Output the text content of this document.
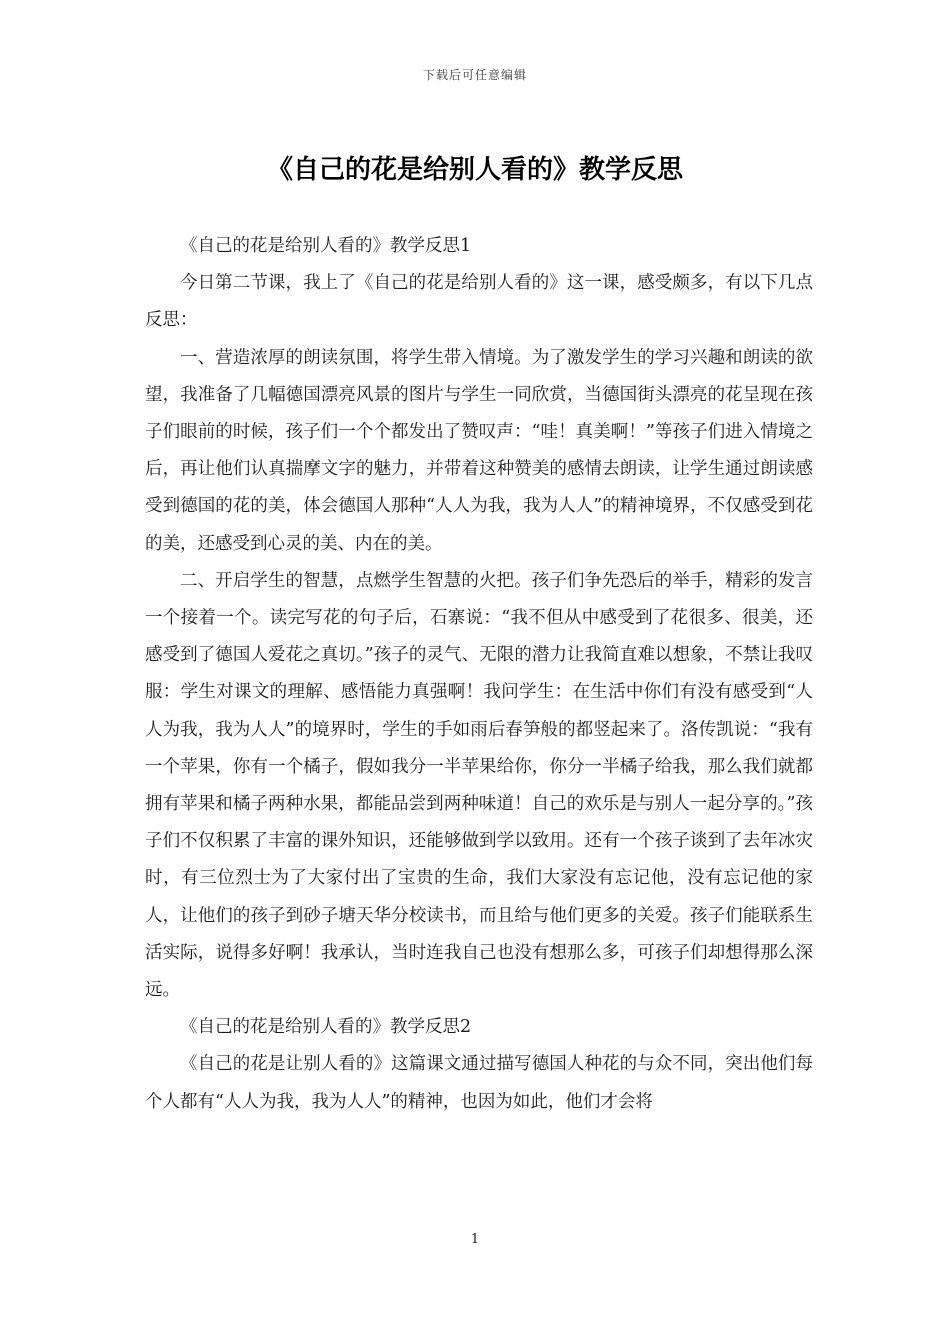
下载后可任意编辑
《自己的花是给别人看的》教学反思

《自己的花是给别人看的》教学反思1

今日第二节课，我上了《自己的花是给别人看的》这一课，感受颇多，有以下几点反思：

一、营造浓厚的朗读氛围，将学生带入情境。为了激发学生的学习兴趣和朗读的欲望，我准备了几幅德国漂亮风景的图片与学生一同欣赏，当德国街头漂亮的花呈现在孩子们眼前的时候，孩子们一个个都发出了赞叹声：“哇！真美啊！”等孩子们进入情境之后，再让他们认真揣摩文字的魅力，并带着这种赞美的感情去朗读，让学生通过朗读感受到德国的花的美，体会德国人那种“人人为我，我为人人”的精神境界，不仅感受到花的美，还感受到心灵的美、内在的美。

二、开启学生的智慧，点燃学生智慧的火把。孩子们争先恐后的举手，精彩的发言一个接着一个。读完写花的句子后，石寨说：“我不但从中感受到了花很多、很美，还感受到了德国人爱花之真切。”孩子的灵气、无限的潜力让我简直难以想象，不禁让我叹服：学生对课文的理解、感悟能力真强啊！我问学生：在生活中你们有没有感受到“人人为我，我为人人”的境界时，学生的手如雨后春笋般的都竖起来了。洛传凯说：“我有一个苹果，你有一个橘子，假如我分一半苹果给你，你分一半橘子给我，那么我们就都拥有苹果和橘子两种水果，都能品尝到两种味道！自己的欢乐是与别人一起分享的。”孩子们不仅积累了丰富的课外知识，还能够做到学以致用。还有一个孩子谈到了去年冰灾时，有三位烈士为了大家付出了宝贵的生命，我们大家没有忘记他，没有忘记他的家人，让他们的孩子到砂子塘天华分校读书，而且给与他们更多的关爱。孩子们能联系生活实际，说得多好啊！我承认，当时连我自己也没有想那么多，可孩子们却想得那么深远。

《自己的花是给别人看的》教学反思2

《自己的花是让别人看的》这篇课文通过描写德国人种花的与众不同，突出他们每个人都有“人人为我，我为人人”的精神，也因为如此，他们才会将

1
